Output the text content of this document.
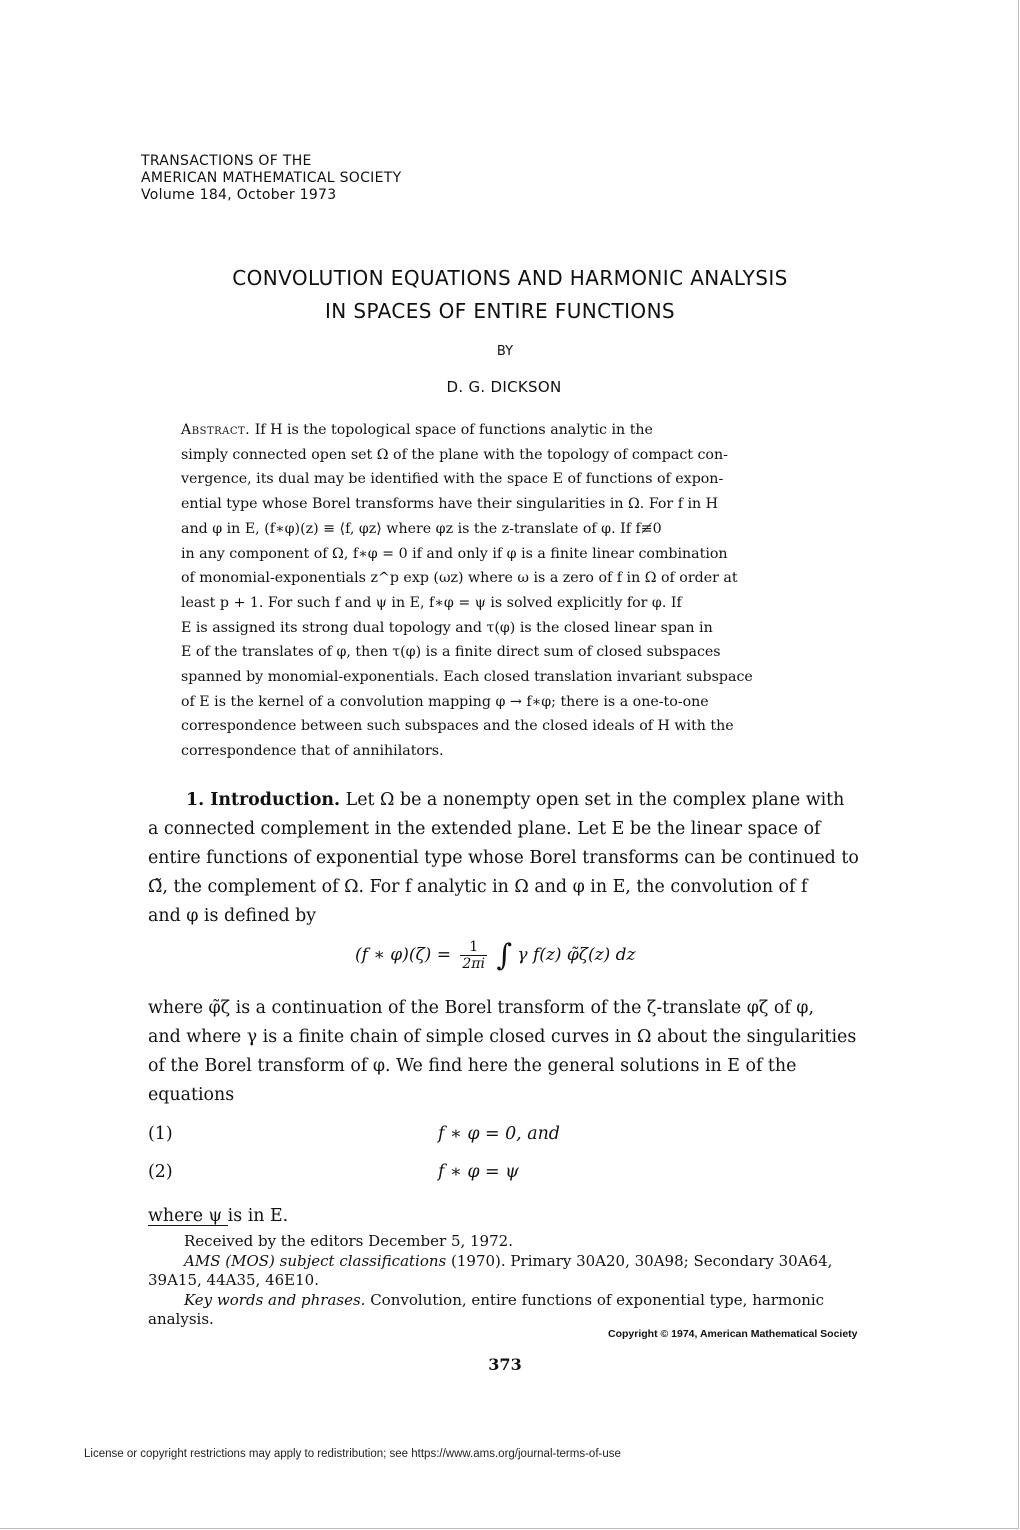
TRANSACTIONS OF THE
AMERICAN MATHEMATICAL SOCIETY
Volume 184, October 1973
CONVOLUTION EQUATIONS AND HARMONIC ANALYSIS
IN SPACES OF ENTIRE FUNCTIONS
BY
D. G. DICKSON
Abstract. If H is the topological space of functions analytic in the
simply connected open set Ω of the plane with the topology of compact con-
vergence, its dual may be identified with the space E of functions of expon-
ential type whose Borel transforms have their singularities in Ω. For f in H
and φ in E, (f∗φ)(z) ≡ ⟨f, φz⟩ where φz is the z-translate of φ. If f≢0
in any component of Ω, f∗φ = 0 if and only if φ is a finite linear combination
of monomial-exponentials z^p exp (ωz) where ω is a zero of f in Ω of order at
least p + 1. For such f and ψ in E, f∗φ = ψ is solved explicitly for φ. If
E is assigned its strong dual topology and τ(φ) is the closed linear span in
E of the translates of φ, then τ(φ) is a finite direct sum of closed subspaces
spanned by monomial-exponentials. Each closed translation invariant subspace
of E is the kernel of a convolution mapping φ → f∗φ; there is a one-to-one
correspondence between such subspaces and the closed ideals of H with the
correspondence that of annihilators.
1. Introduction. Let Ω be a nonempty open set in the complex plane with
a connected complement in the extended plane. Let E be the linear space of
entire functions of exponential type whose Borel transforms can be continued to
Ω̃, the complement of Ω. For f analytic in Ω and φ in E, the convolution of f
and φ is defined by
(f ∗ $\varphi)(\zeta) = \frac{1}{2\pi i}$ ∫ γ f(z) φ̃ζ(z) dz
where φ̃ζ is a continuation of the Borel transform of the ζ-translate φζ of φ,
and where γ is a finite chain of simple closed curves in Ω about the singularities
of the Borel transform of φ. We find here the general solutions in E of the
equations
(1)	f ∗ φ = 0, and
(2)	f ∗ φ = ψ
where ψ is in E.
Received by the editors December 5, 1972.
AMS (MOS) subject classifications (1970). Primary 30A20, 30A98; Secondary 30A64,
39A15, 44A35, 46E10.
Key words and phrases. Convolution, entire functions of exponential type, harmonic
analysis.
Copyright © 1974, American Mathematical Society
373
License or copyright restrictions may apply to redistribution; see https://www.ams.org/journal-terms-of-use
